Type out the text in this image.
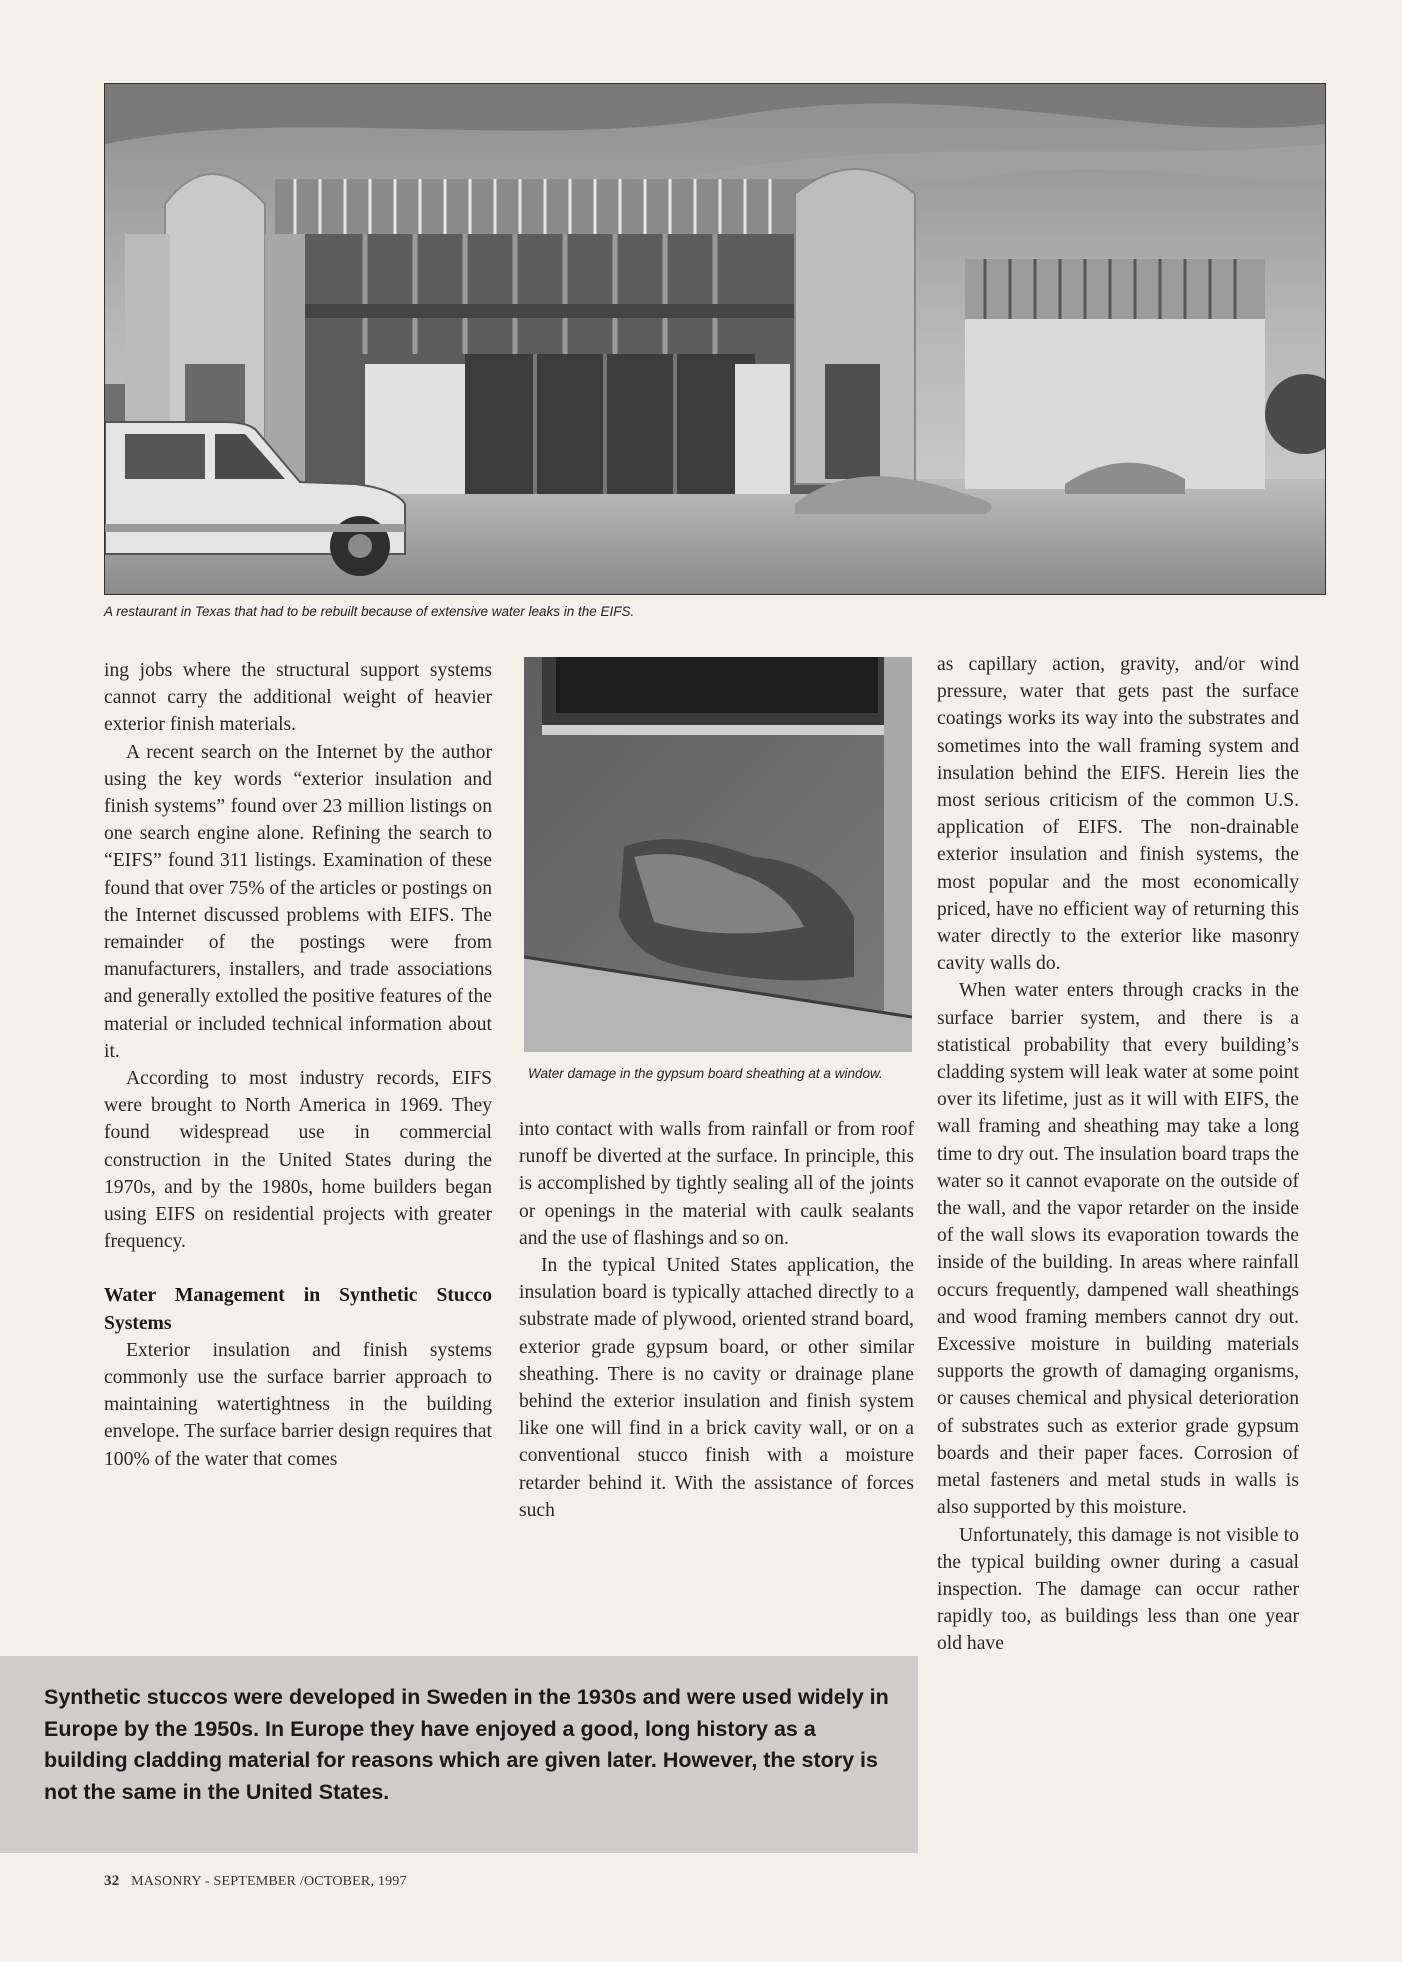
A restaurant in Texas that had to be rebuilt because of extensive water leaks in the EIFS.

ing jobs where the structural support systems cannot carry the additional weight of heavier exterior finish materials.

A recent search on the Internet by the author using the key words “exterior insulation and finish systems” found over 23 million listings on one search engine alone. Refining the search to “EIFS” found 311 listings. Examination of these found that over 75% of the articles or postings on the Internet discussed problems with EIFS. The remainder of the postings were from manufacturers, installers, and trade associations and generally extolled the positive features of the material or included technical information about it.

According to most industry records, EIFS were brought to North America in 1969. They found widespread use in commercial construction in the United States during the 1970s, and by the 1980s, home builders began using EIFS on residential projects with greater frequency.

Water Management in Synthetic Stucco Systems

Exterior insulation and finish systems commonly use the surface barrier approach to maintaining watertightness in the building envelope. The surface barrier design requires that 100% of the water that comes

Water damage in the gypsum board sheathing at a window.

into contact with walls from rainfall or from roof runoff be diverted at the surface. In principle, this is accomplished by tightly sealing all of the joints or openings in the material with caulk sealants and the use of flashings and so on.

In the typical United States application, the insulation board is typically attached directly to a substrate made of plywood, oriented strand board, exterior grade gypsum board, or other similar sheathing. There is no cavity or drainage plane behind the exterior insulation and finish system like one will find in a brick cavity wall, or on a conventional stucco finish with a moisture retarder behind it. With the assistance of forces such

as capillary action, gravity, and/or wind pressure, water that gets past the surface coatings works its way into the substrates and sometimes into the wall framing system and insulation behind the EIFS. Herein lies the most serious criticism of the common U.S. application of EIFS. The non-drainable exterior insulation and finish systems, the most popular and the most economically priced, have no efficient way of returning this water directly to the exterior like masonry cavity walls do.

When water enters through cracks in the surface barrier system, and there is a statistical probability that every building’s cladding system will leak water at some point over its lifetime, just as it will with EIFS, the wall framing and sheathing may take a long time to dry out. The insulation board traps the water so it cannot evaporate on the outside of the wall, and the vapor retarder on the inside of the wall slows its evaporation towards the inside of the building. In areas where rainfall occurs frequently, dampened wall sheathings and wood framing members cannot dry out. Excessive moisture in building materials supports the growth of damaging organisms, or causes chemical and physical deterioration of substrates such as exterior grade gypsum boards and their paper faces. Corrosion of metal fasteners and metal studs in walls is also supported by this moisture.

Unfortunately, this damage is not visible to the typical building owner during a casual inspection. The damage can occur rather rapidly too, as buildings less than one year old have

Synthetic stuccos were developed in Sweden in the 1930s and were used widely in Europe by the 1950s. In Europe they have enjoyed a good, long history as a building cladding material for reasons which are given later. However, the story is not the same in the United States.
32 MASONRY - SEPTEMBER /OCTOBER, 1997
